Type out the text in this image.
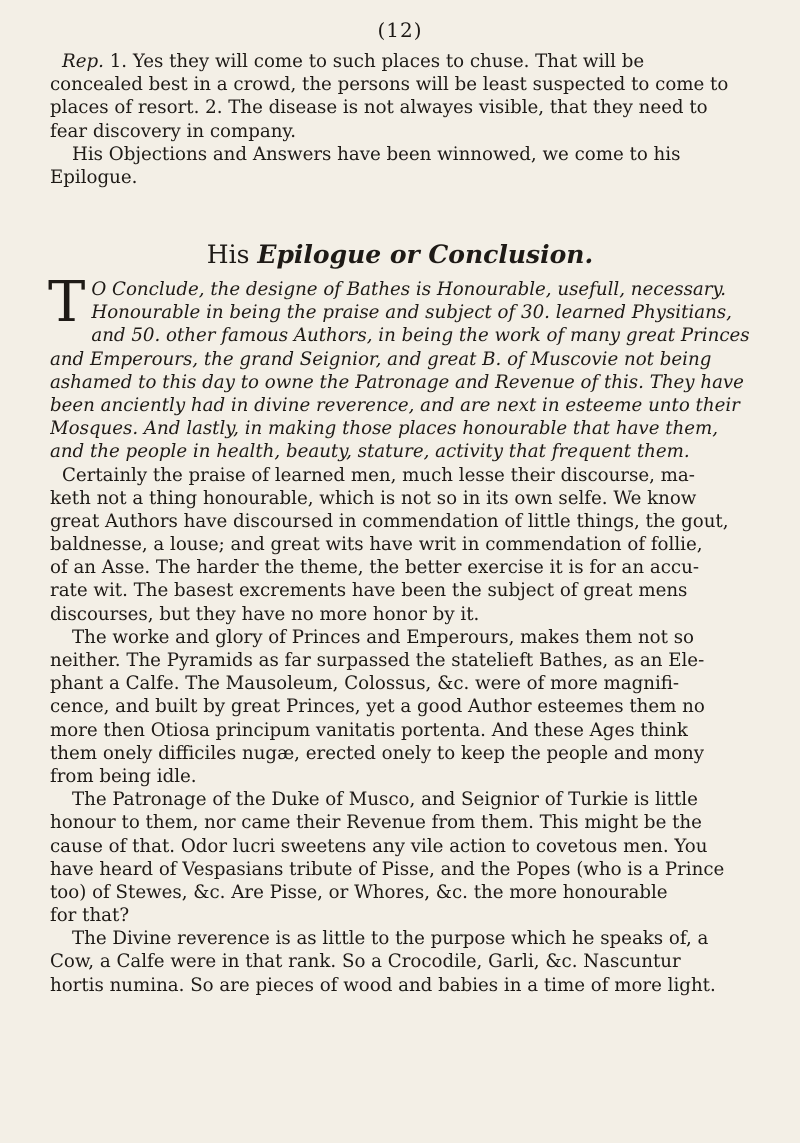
(12)
Rep. 1. Yes they will come to such places to chuse. That will be
concealed best in a crowd, the persons will be least suspected to come to
places of resort. 2. The disease is not alwayes visible, that they need to
fear discovery in company.
His Objections and Answers have been winnowed, we come to his
Epilogue.
His Epilogue or Conclusion.
T O Conclude, the designe of Bathes is Honourable, usefull, necessary.
Honourable in being the praise and subject of 30. learned Physitians,
and 50. other famous Authors, in being the work of many great Princes
and Emperours, the grand Seignior, and great B. of Muscovie not being
ashamed to this day to owne the Patronage and Revenue of this. They have
been anciently had in divine reverence, and are next in esteeme unto their
Mosques. And lastly, in making those places honourable that have them,
and the people in health, beauty, stature, activity that frequent them.
Certainly the praise of learned men, much lesse their discourse, ma-
keth not a thing honourable, which is not so in its own selfe. We know
great Authors have discoursed in commendation of little things, the gout,
baldnesse, a louse; and great wits have writ in commendation of follie,
of an Asse. The harder the theme, the better exercise it is for an accu-
rate wit. The basest excrements have been the subject of great mens
discourses, but they have no more honor by it.
The worke and glory of Princes and Emperours, makes them not so
neither. The Pyramids as far surpassed the statelieft Bathes, as an Ele-
phant a Calfe. The Mausoleum, Colossus, &c. were of more magnifi-
cence, and built by great Princes, yet a good Author esteemes them no
more then Otiosa principum vanitatis portenta. And these Ages think
them onely difficiles nugæ, erected onely to keep the people and mony
from being idle.
The Patronage of the Duke of Musco, and Seignior of Turkie is little
honour to them, nor came their Revenue from them. This might be the
cause of that. Odor lucri sweetens any vile action to covetous men. You
have heard of Vespasians tribute of Pisse, and the Popes (who is a Prince
too) of Stewes, &c. Are Pisse, or Whores, &c. the more honourable
for that?
The Divine reverence is as little to the purpose which he speaks of, a
Cow, a Calfe were in that rank. So a Crocodile, Garli, &c. Nascuntur
hortis numina. So are pieces of wood and babies in a time of more light.
